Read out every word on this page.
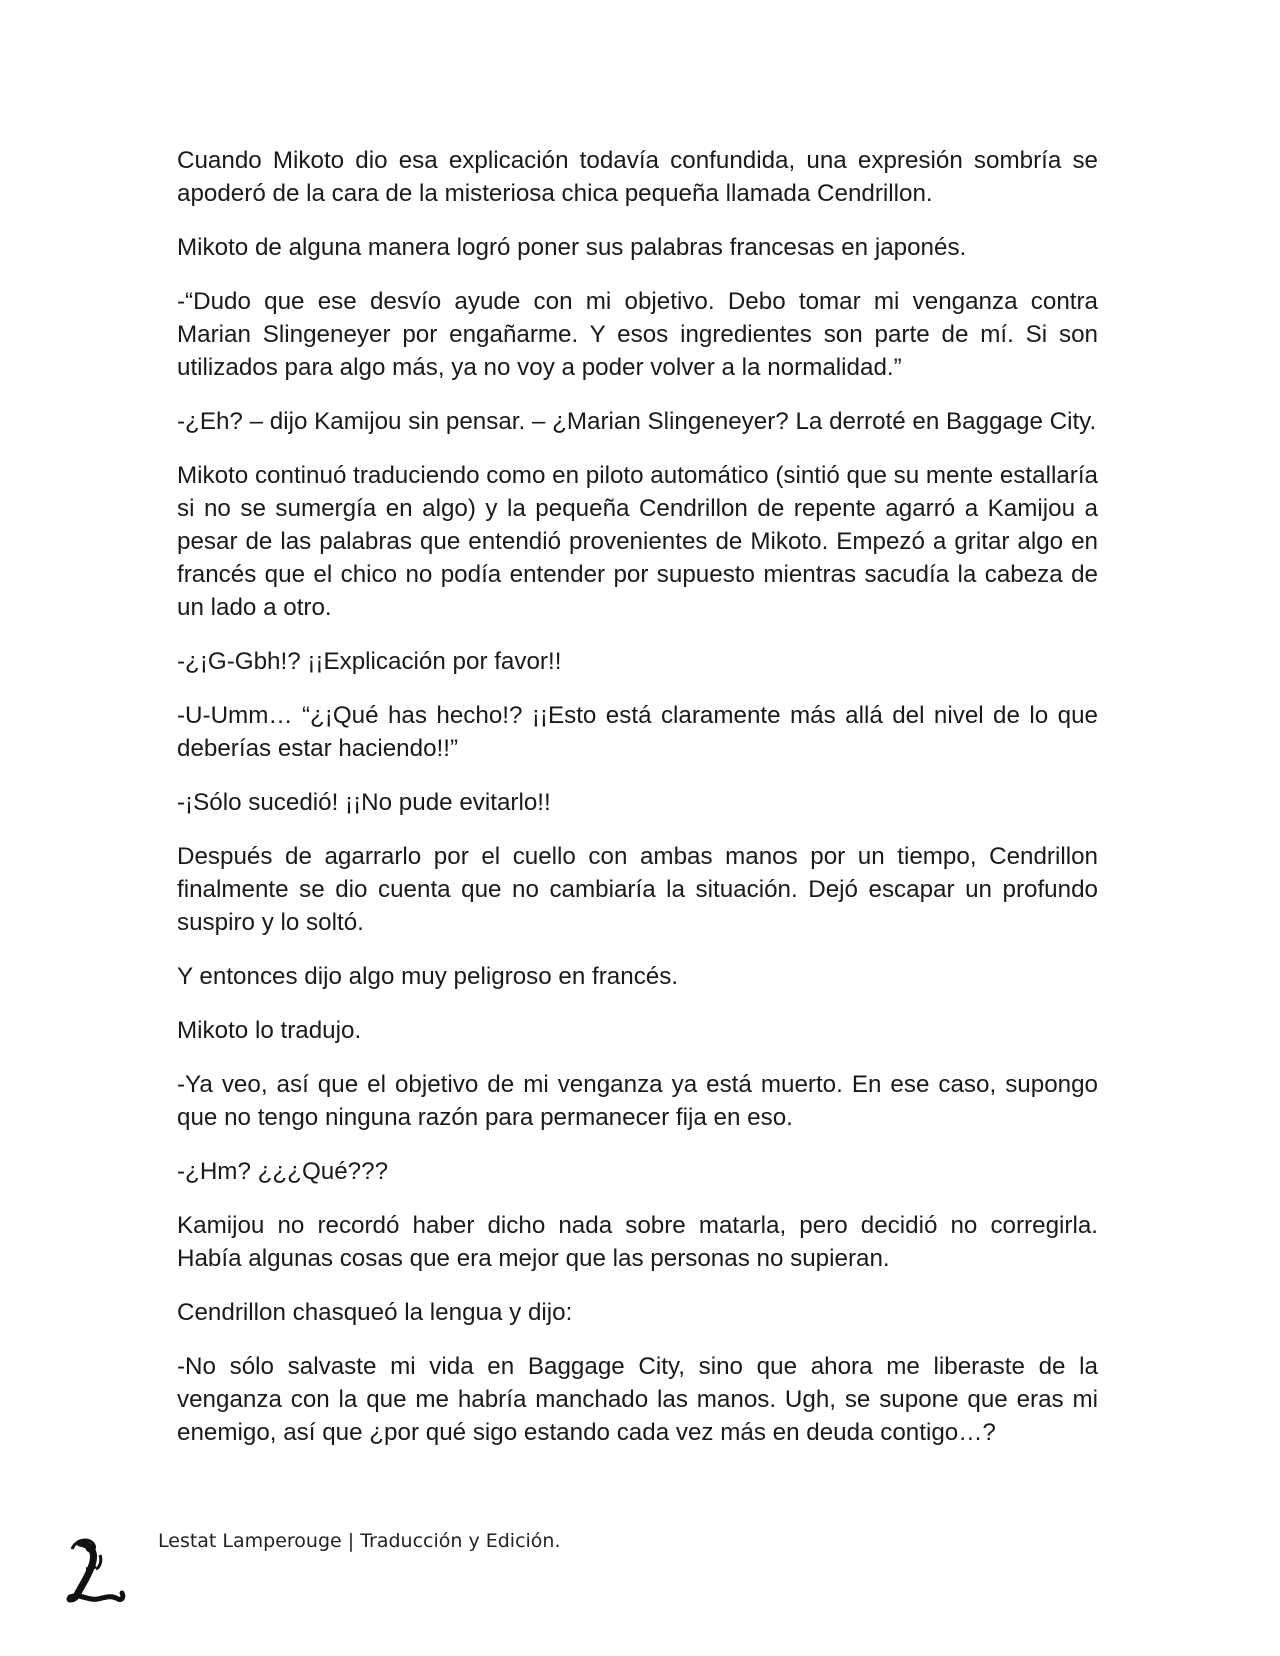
Cuando Mikoto dio esa explicación todavía confundida, una expresión sombría se apoderó de la cara de la misteriosa chica pequeña llamada Cendrillon.

Mikoto de alguna manera logró poner sus palabras francesas en japonés.

-“Dudo que ese desvío ayude con mi objetivo. Debo tomar mi venganza contra Marian Slingeneyer por engañarme. Y esos ingredientes son parte de mí. Si son utilizados para algo más, ya no voy a poder volver a la normalidad.”

-¿Eh? – dijo Kamijou sin pensar. – ¿Marian Slingeneyer? La derroté en Baggage City.

Mikoto continuó traduciendo como en piloto automático (sintió que su mente estallaría si no se sumergía en algo) y la pequeña Cendrillon de repente agarró a Kamijou a pesar de las palabras que entendió provenientes de Mikoto. Empezó a gritar algo en francés que el chico no podía entender por supuesto mientras sacudía la cabeza de un lado a otro.

-¿¡G-Gbh!? ¡¡Explicación por favor!!

-U-Umm… “¿¡Qué has hecho!? ¡¡Esto está claramente más allá del nivel de lo que deberías estar haciendo!!”

-¡Sólo sucedió! ¡¡No pude evitarlo!!

Después de agarrarlo por el cuello con ambas manos por un tiempo, Cendrillon finalmente se dio cuenta que no cambiaría la situación. Dejó escapar un profundo suspiro y lo soltó.

Y entonces dijo algo muy peligroso en francés.

Mikoto lo tradujo.

-Ya veo, así que el objetivo de mi venganza ya está muerto. En ese caso, supongo que no tengo ninguna razón para permanecer fija en eso.

-¿Hm? ¿¿¿Qué???

Kamijou no recordó haber dicho nada sobre matarla, pero decidió no corregirla. Había algunas cosas que era mejor que las personas no supieran.

Cendrillon chasqueó la lengua y dijo:

-No sólo salvaste mi vida en Baggage City, sino que ahora me liberaste de la venganza con la que me habría manchado las manos. Ugh, se supone que eras mi enemigo, así que ¿por qué sigo estando cada vez más en deuda contigo…?

Lestat Lamperouge | Traducción y Edición.
